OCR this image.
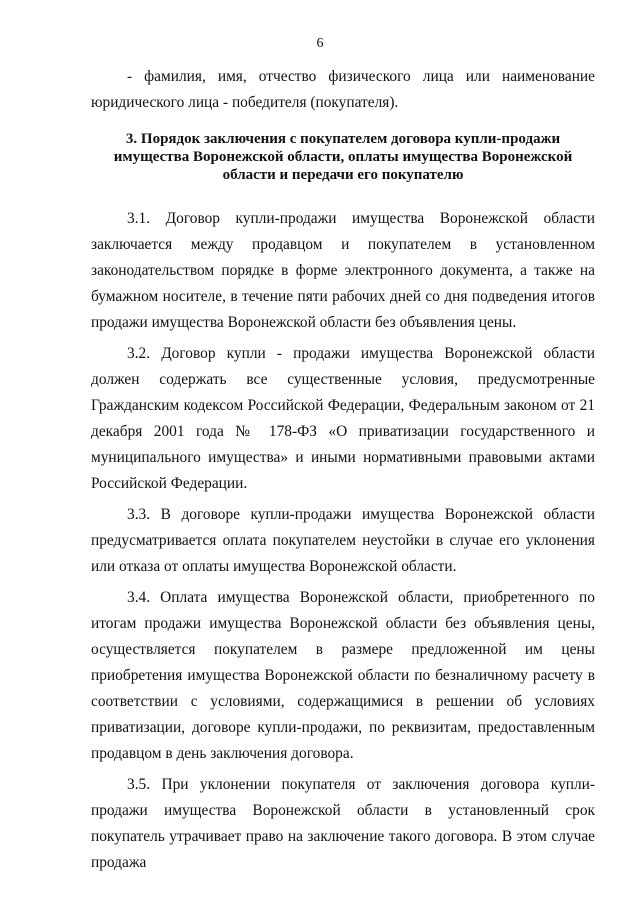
6

- фамилия, имя, отчество физического лица или наименование юридического лица - победителя (покупателя).

3. Порядок заключения с покупателем договора купли-продажи имущества Воронежской области, оплаты имущества Воронежской области и передачи его покупателю

3.1. Договор купли-продажи имущества Воронежской области заключается между продавцом и покупателем в установленном законодательством порядке в форме электронного документа, а также на бумажном носителе, в течение пяти рабочих дней со дня подведения итогов продажи имущества Воронежской области без объявления цены.

3.2. Договор купли - продажи имущества Воронежской области должен содержать все существенные условия, предусмотренные Гражданским кодексом Российской Федерации, Федеральным законом от 21 декабря 2001 года № 178-ФЗ «О приватизации государственного и муниципального имущества» и иными нормативными правовыми актами Российской Федерации.

3.3. В договоре купли-продажи имущества Воронежской области предусматривается оплата покупателем неустойки в случае его уклонения или отказа от оплаты имущества Воронежской области.

3.4. Оплата имущества Воронежской области, приобретенного по итогам продажи имущества Воронежской области без объявления цены, осуществляется покупателем в размере предложенной им цены приобретения имущества Воронежской области по безналичному расчету в соответствии с условиями, содержащимися в решении об условиях приватизации, договоре купли-продажи, по реквизитам, предоставленным продавцом в день заключения договора.

3.5. При уклонении покупателя от заключения договора купли-продажи имущества Воронежской области в установленный срок покупатель утрачивает право на заключение такого договора. В этом случае продажа
